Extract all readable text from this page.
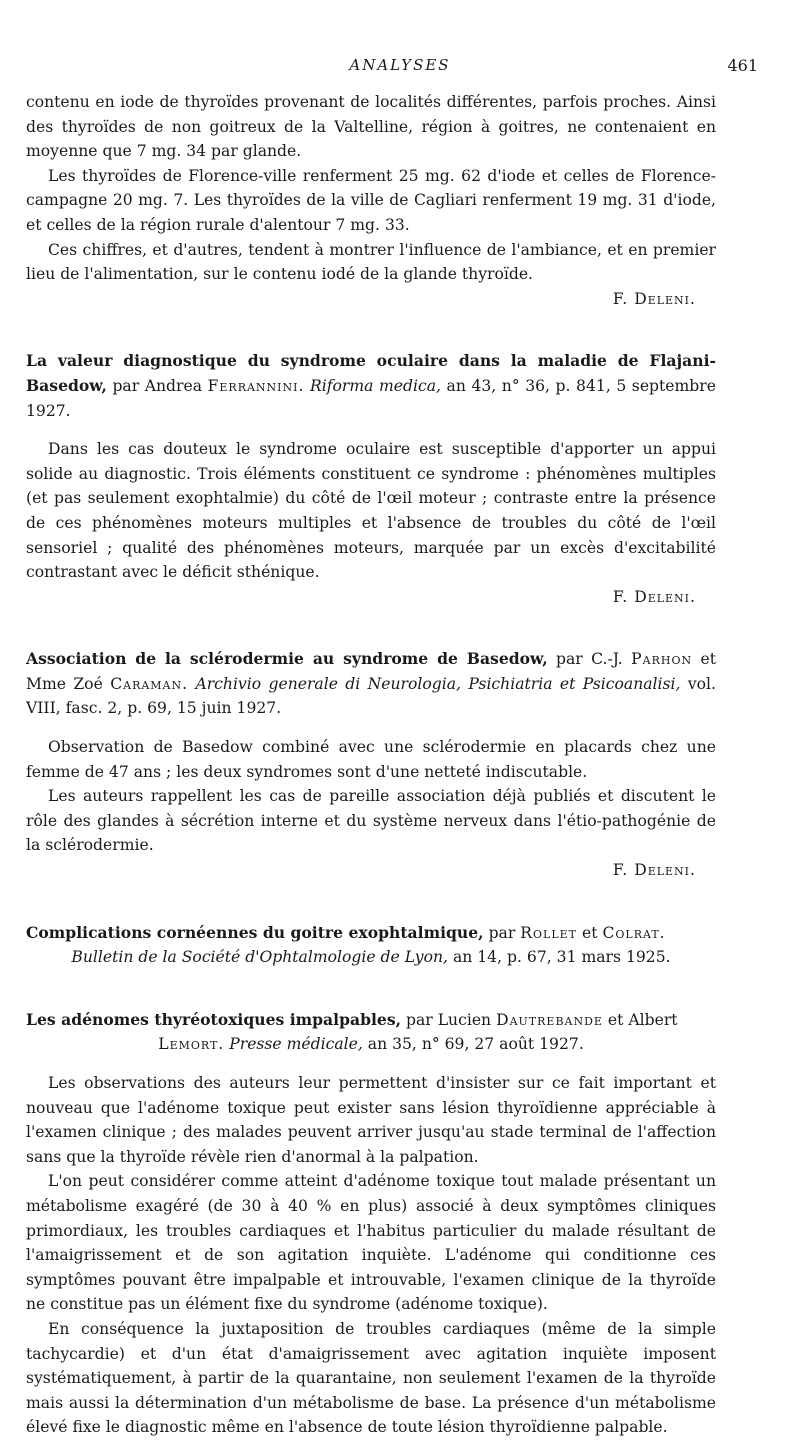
ANALYSES	461

contenu en iode de thyroïdes provenant de localités différentes, parfois proches. Ainsi des thyroïdes de non goitreux de la Valtelline, région à goitres, ne contenaient en moyenne que 7 mg. 34 par glande.

Les thyroïdes de Florence-ville renferment 25 mg. 62 d'iode et celles de Florence-campagne 20 mg. 7. Les thyroïdes de la ville de Cagliari renferment 19 mg. 31 d'iode, et celles de la région rurale d'alentour 7 mg. 33.

Ces chiffres, et d'autres, tendent à montrer l'influence de l'ambiance, et en premier lieu de l'alimentation, sur le contenu iodé de la glande thyroïde.

F. Deleni.

La valeur diagnostique du syndrome oculaire dans la maladie de Flajani-Basedow, par Andrea Ferrannini. Riforma medica, an 43, n° 36, p. 841, 5 septembre 1927.

Dans les cas douteux le syndrome oculaire est susceptible d'apporter un appui solide au diagnostic. Trois éléments constituent ce syndrome : phénomènes multiples (et pas seulement exophtalmie) du côté de l'œil moteur ; contraste entre la présence de ces phénomènes moteurs multiples et l'absence de troubles du côté de l'œil sensoriel ; qualité des phénomènes moteurs, marquée par un excès d'excitabilité contrastant avec le déficit sthénique.

F. Deleni.

Association de la sclérodermie au syndrome de Basedow, par C.-J. Parhon et Mme Zoé Caraman. Archivio generale di Neurologia, Psichiatria et Psicoanalisi, vol. VIII, fasc. 2, p. 69, 15 juin 1927.

Observation de Basedow combiné avec une sclérodermie en placards chez une femme de 47 ans ; les deux syndromes sont d'une netteté indiscutable.

Les auteurs rappellent les cas de pareille association déjà publiés et discutent le rôle des glandes à sécrétion interne et du système nerveux dans l'étio-pathogénie de la sclérodermie.

F. Deleni.

Complications cornéennes du goitre exophtalmique, par Rollet et Colrat.
Bulletin de la Société d'Ophtalmologie de Lyon, an 14, p. 67, 31 mars 1925.

Les adénomes thyréotoxiques impalpables, par Lucien Dautrebande et Albert
Lemort. Presse médicale, an 35, n° 69, 27 août 1927.

Les observations des auteurs leur permettent d'insister sur ce fait important et nouveau que l'adénome toxique peut exister sans lésion thyroïdienne appréciable à l'examen clinique ; des malades peuvent arriver jusqu'au stade terminal de l'affection sans que la thyroïde révèle rien d'anormal à la palpation.

L'on peut considérer comme atteint d'adénome toxique tout malade présentant un métabolisme exagéré (de 30 à 40 % en plus) associé à deux symptômes cliniques primordiaux, les troubles cardiaques et l'habitus particulier du malade résultant de l'amaigrissement et de son agitation inquiète. L'adénome qui conditionne ces symptômes pouvant être impalpable et introuvable, l'examen clinique de la thyroïde ne constitue pas un élément fixe du syndrome (adénome toxique).

En conséquence la juxtaposition de troubles cardiaques (même de la simple tachycardie) et d'un état d'amaigrissement avec agitation inquiète imposent systématiquement, à partir de la quarantaine, non seulement l'examen de la thyroïde mais aussi la détermination d'un métabolisme de base. La présence d'un métabolisme élevé fixe le diagnostic même en l'absence de toute lésion thyroïdienne palpable.
